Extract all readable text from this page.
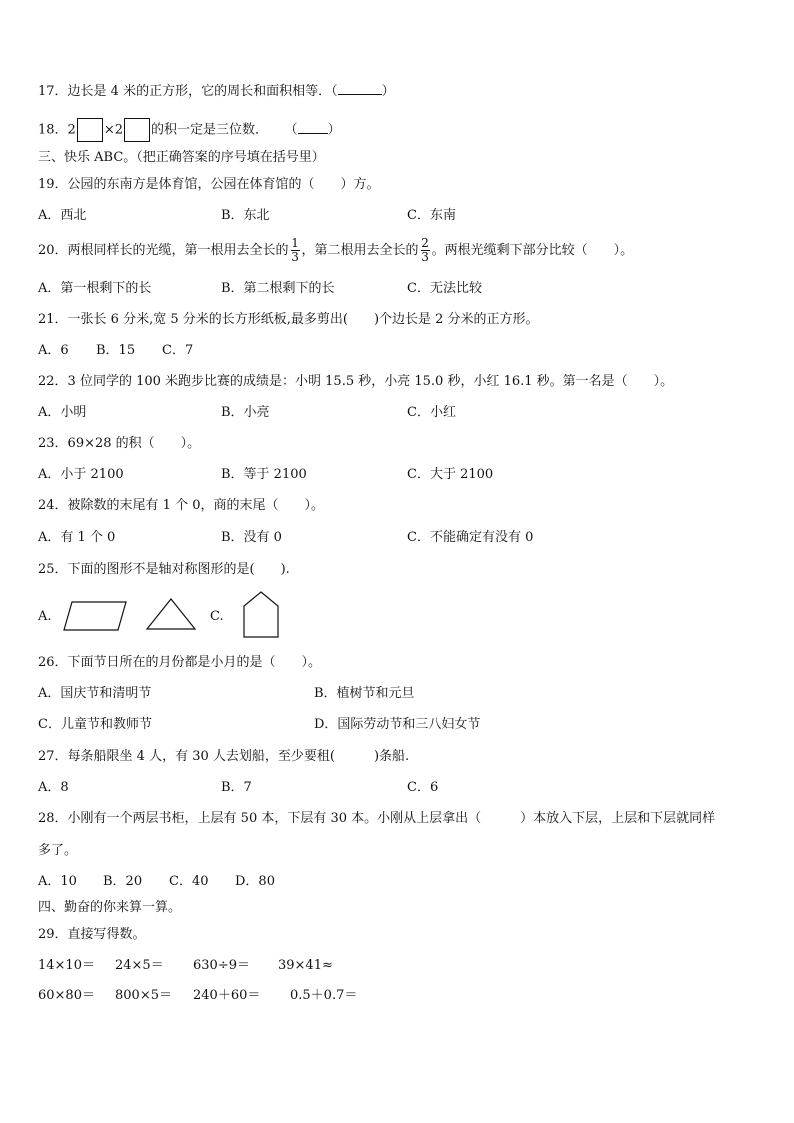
17．边长是 4 米的正方形，它的周长和面积相等．（	）
18．2 ×2 的积一定是三位数． （ ）
三、快乐 ABC。（把正确答案的序号填在括号里）
19．公园的东南方是体育馆，公园在体育馆的（　　）方。
A．西北	B．东北	C．东南
20．两根同样长的光缆，第一根用去全长的 $\frac{1}{3}$ ，第二根用去全长的 $\frac{2}{3}$ 。两根光缆剩下部分比较（　　）。
A．第一根剩下的长	B．第二根剩下的长	C．无法比较
21．一张长 6 分米,宽 5 分米的长方形纸板,最多剪出(　　)个边长是 2 分米的正方形。
A．6 B．15 C．7
22．3 位同学的 100 米跑步比赛的成绩是：小明 15.5 秒，小亮 15.0 秒，小红 16.1 秒。第一名是（　　）。
A．小明	B．小亮	C．小红
23．69×28 的积（　　）。
A．小于 2100	B．等于 2100	C．大于 2100
24．被除数的末尾有 1 个 0，商的末尾（　　）。
A．有 1 个 0	B．没有 0	C．不能确定有没有 0
25．下面的图形不是轴对称图形的是(　　).
A.	C.
26．下面节日所在的月份都是小月的是（　　）。
A．国庆节和清明节	B．植树节和元旦
C．儿童节和教师节	D．国际劳动节和三八妇女节
27．每条船限坐 4 人，有 30 人去划船，至少要租(　　　)条船.
A．8	B．7	C．6
28．小刚有一个两层书柜，上层有 50 本，下层有 30 本。小刚从上层拿出（　　　）本放入下层，上层和下层就同样
多了。
A．10 B．20 C．40 D．80
四、勤奋的你来算一算。
29．直接写得数。
14×10＝ 24×5＝ 630÷9＝ 39×41≈
60×80＝ 800×5＝ 240＋60＝ 0.5＋0.7＝
